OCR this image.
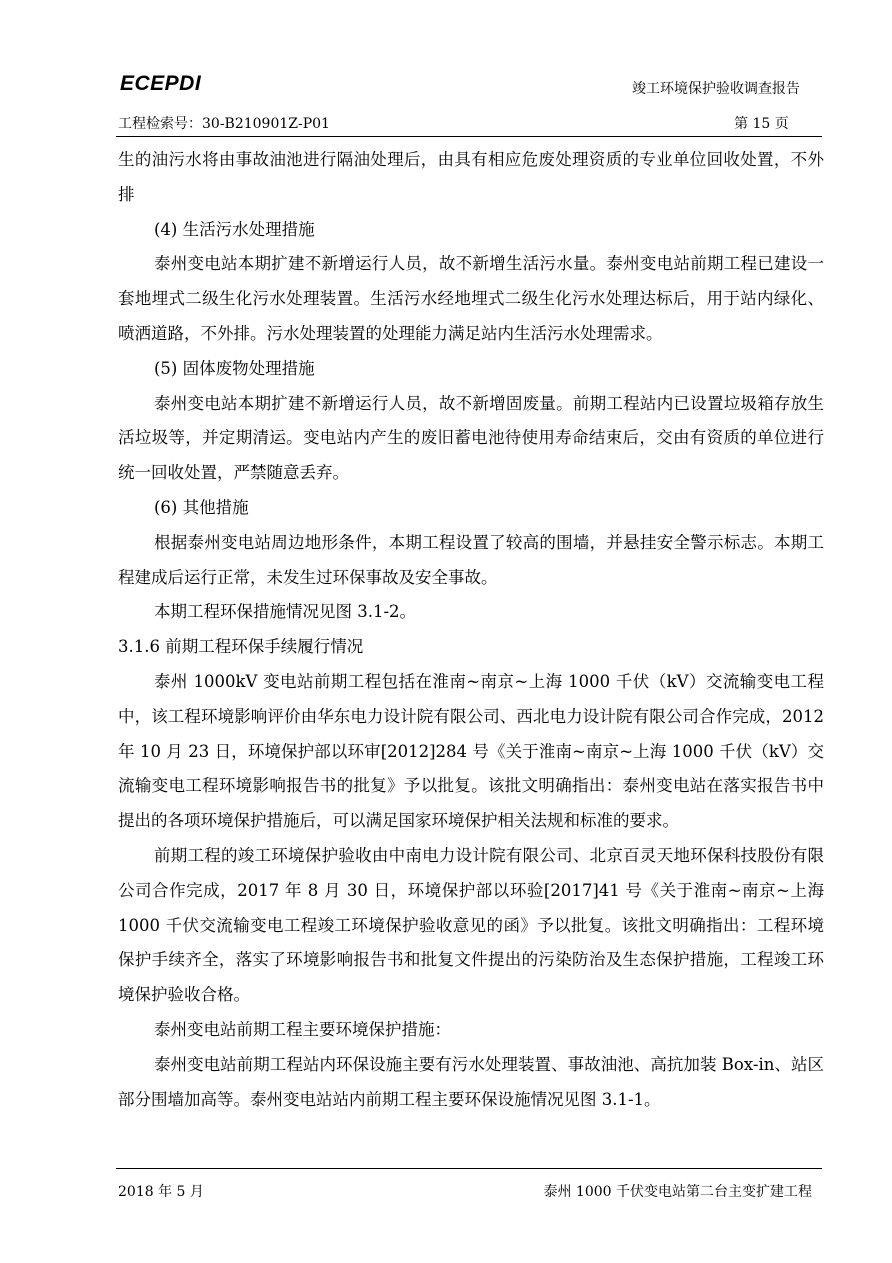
ECEPDI	竣工环境保护验收调查报告
工程检索号：30-B210901Z-P01	第 15 页

生的油污水将由事故油池进行隔油处理后，由具有相应危废处理资质的专业单位回收处置，不外排

(4) 生活污水处理措施

泰州变电站本期扩建不新增运行人员，故不新增生活污水量。泰州变电站前期工程已建设一套地埋式二级生化污水处理装置。生活污水经地埋式二级生化污水处理达标后，用于站内绿化、喷洒道路，不外排。污水处理装置的处理能力满足站内生活污水处理需求。

(5) 固体废物处理措施

泰州变电站本期扩建不新增运行人员，故不新增固废量。前期工程站内已设置垃圾箱存放生活垃圾等，并定期清运。变电站内产生的废旧蓄电池待使用寿命结束后，交由有资质的单位进行统一回收处置，严禁随意丢弃。

(6) 其他措施

根据泰州变电站周边地形条件，本期工程设置了较高的围墙，并悬挂安全警示标志。本期工程建成后运行正常，未发生过环保事故及安全事故。

本期工程环保措施情况见图 3.1-2。

3.1.6 前期工程环保手续履行情况

泰州 1000kV 变电站前期工程包括在淮南~南京~上海 1000 千伏（kV）交流输变电工程中，该工程环境影响评价由华东电力设计院有限公司、西北电力设计院有限公司合作完成，2012 年 10 月 23 日，环境保护部以环审[2012]284 号《关于淮南~南京~上海 1000 千伏（kV）交流输变电工程环境影响报告书的批复》予以批复。该批文明确指出：泰州变电站在落实报告书中提出的各项环境保护措施后，可以满足国家环境保护相关法规和标准的要求。

前期工程的竣工环境保护验收由中南电力设计院有限公司、北京百灵天地环保科技股份有限公司合作完成，2017 年 8 月 30 日，环境保护部以环验[2017]41 号《关于淮南~南京~上海 1000 千伏交流输变电工程竣工环境保护验收意见的函》予以批复。该批文明确指出：工程环境保护手续齐全，落实了环境影响报告书和批复文件提出的污染防治及生态保护措施，工程竣工环境保护验收合格。

泰州变电站前期工程主要环境保护措施：

泰州变电站前期工程站内环保设施主要有污水处理装置、事故油池、高抗加装 Box-in、站区部分围墙加高等。泰州变电站站内前期工程主要环保设施情况见图 3.1-1。

2018 年 5 月	泰州 1000 千伏变电站第二台主变扩建工程
